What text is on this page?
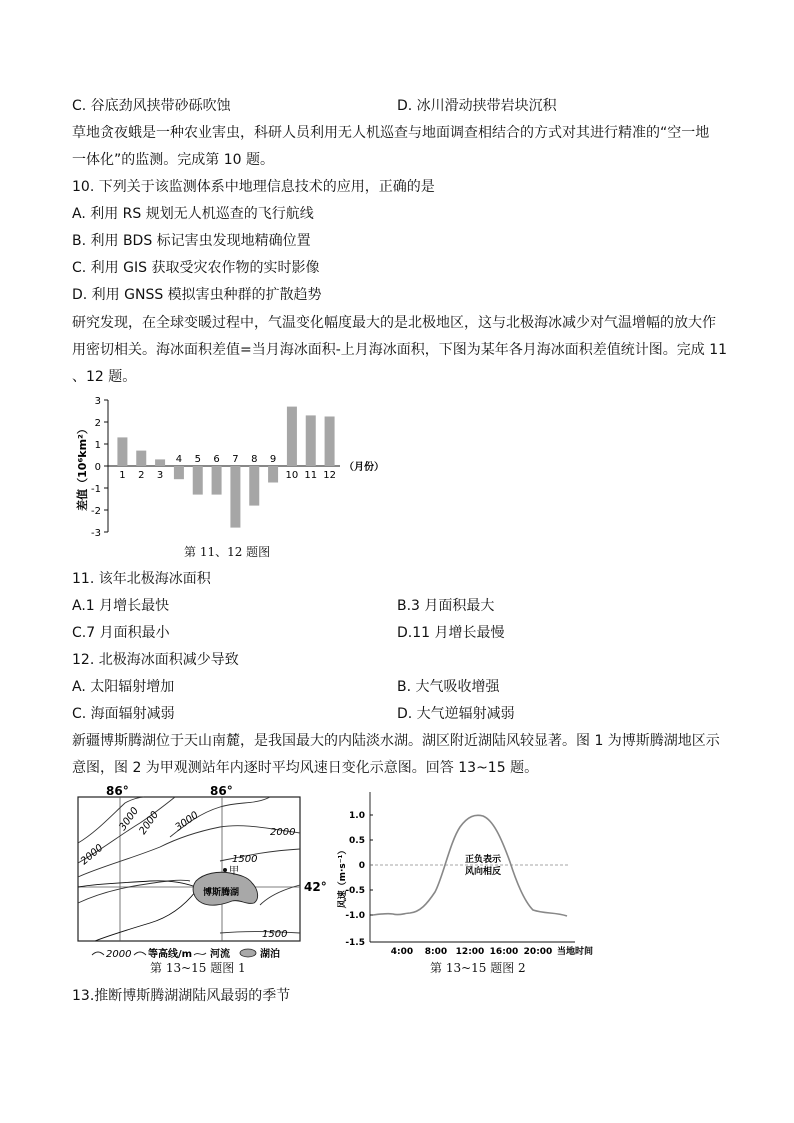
C. 谷底劲风挟带砂砾吹蚀	D. 冰川滑动挟带岩块沉积
草地贪夜蛾是一种农业害虫，科研人员利用无人机巡查与地面调查相结合的方式对其进行精准的“空一地
一体化”的监测。完成第 10 题。
10. 下列关于该监测体系中地理信息技术的应用，正确的是
A. 利用 RS 规划无人机巡查的飞行航线
B. 利用 BDS 标记害虫发现地精确位置
C. 利用 GIS 获取受灾农作物的实时影像
D. 利用 GNSS 模拟害虫种群的扩散趋势
研究发现，在全球变暖过程中，气温变化幅度最大的是北极地区，这与北极海冰减少对气温增幅的放大作
用密切相关。海冰面积差值=当月海冰面积-上月海冰面积，下图为某年各月海冰面积差值统计图。完成 11
、12 题。
3
2
1
0
-1
-2
-3
差值（10⁶km²）	1 2 3
4 5 6 7 8 9
10 11 12
（月份）
第 11、12 题图
11. 该年北极海冰面积
A.1 月增长最快	B.3 月面积最大
C.7 月面积最小	D.11 月增长最慢
12. 北极海冰面积减少导致
A. 太阳辐射增加	B. 大气吸收增强
C. 海面辐射减弱	D. 大气逆辐射减弱
新疆博斯腾湖位于天山南麓，是我国最大的内陆淡水湖。湖区附近湖陆风较显著。图 1 为博斯腾湖地区示
意图，图 2 为甲观测站年内逐时平均风速日变化示意图。回答 13~15 题。
86°	86°
42°
3000
2000 3000	2000
2000	1500
1500
甲
博斯腾湖
2000 等高线/m 河流	湖泊
第 13~15 题图 1
1.0
0.5
0
-0.5
-1.0
-1.5
4:00 8:00 12:00 16:00 20:00 当地时间
风速（m·s⁻¹）	正负表示
风向相反
第 13~15 题图 2
13.推断博斯腾湖湖陆风最弱的季节
